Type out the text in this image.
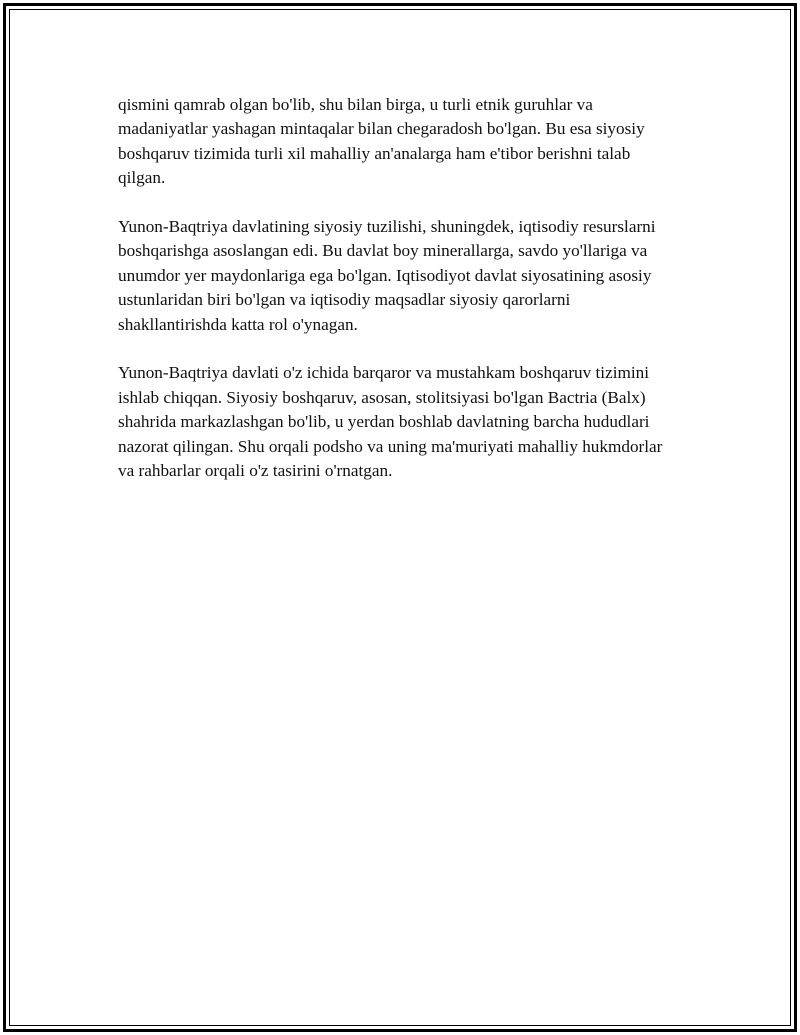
qismini qamrab olgan bo'lib, shu bilan birga, u turli etnik guruhlar va madaniyatlar yashagan mintaqalar bilan chegaradosh bo'lgan. Bu esa siyosiy boshqaruv tizimida turli xil mahalliy an'analarga ham e'tibor berishni talab qilgan.

Yunon-Baqtriya davlatining siyosiy tuzilishi, shuningdek, iqtisodiy resurslarni boshqarishga asoslangan edi. Bu davlat boy minerallarga, savdo yo'llariga va unumdor yer maydonlariga ega bo'lgan. Iqtisodiyot davlat siyosatining asosiy ustunlaridan biri bo'lgan va iqtisodiy maqsadlar siyosiy qarorlarni shakllantirishda katta rol o'ynagan.

Yunon-Baqtriya davlati o'z ichida barqaror va mustahkam boshqaruv tizimini ishlab chiqqan. Siyosiy boshqaruv, asosan, stolitsiyasi bo'lgan Bactria (Balx) shahrida markazlashgan bo'lib, u yerdan boshlab davlatning barcha hududlari nazorat qilingan. Shu orqali podsho va uning ma'muriyati mahalliy hukmdorlar va rahbarlar orqali o'z tasirini o'rnatgan.
